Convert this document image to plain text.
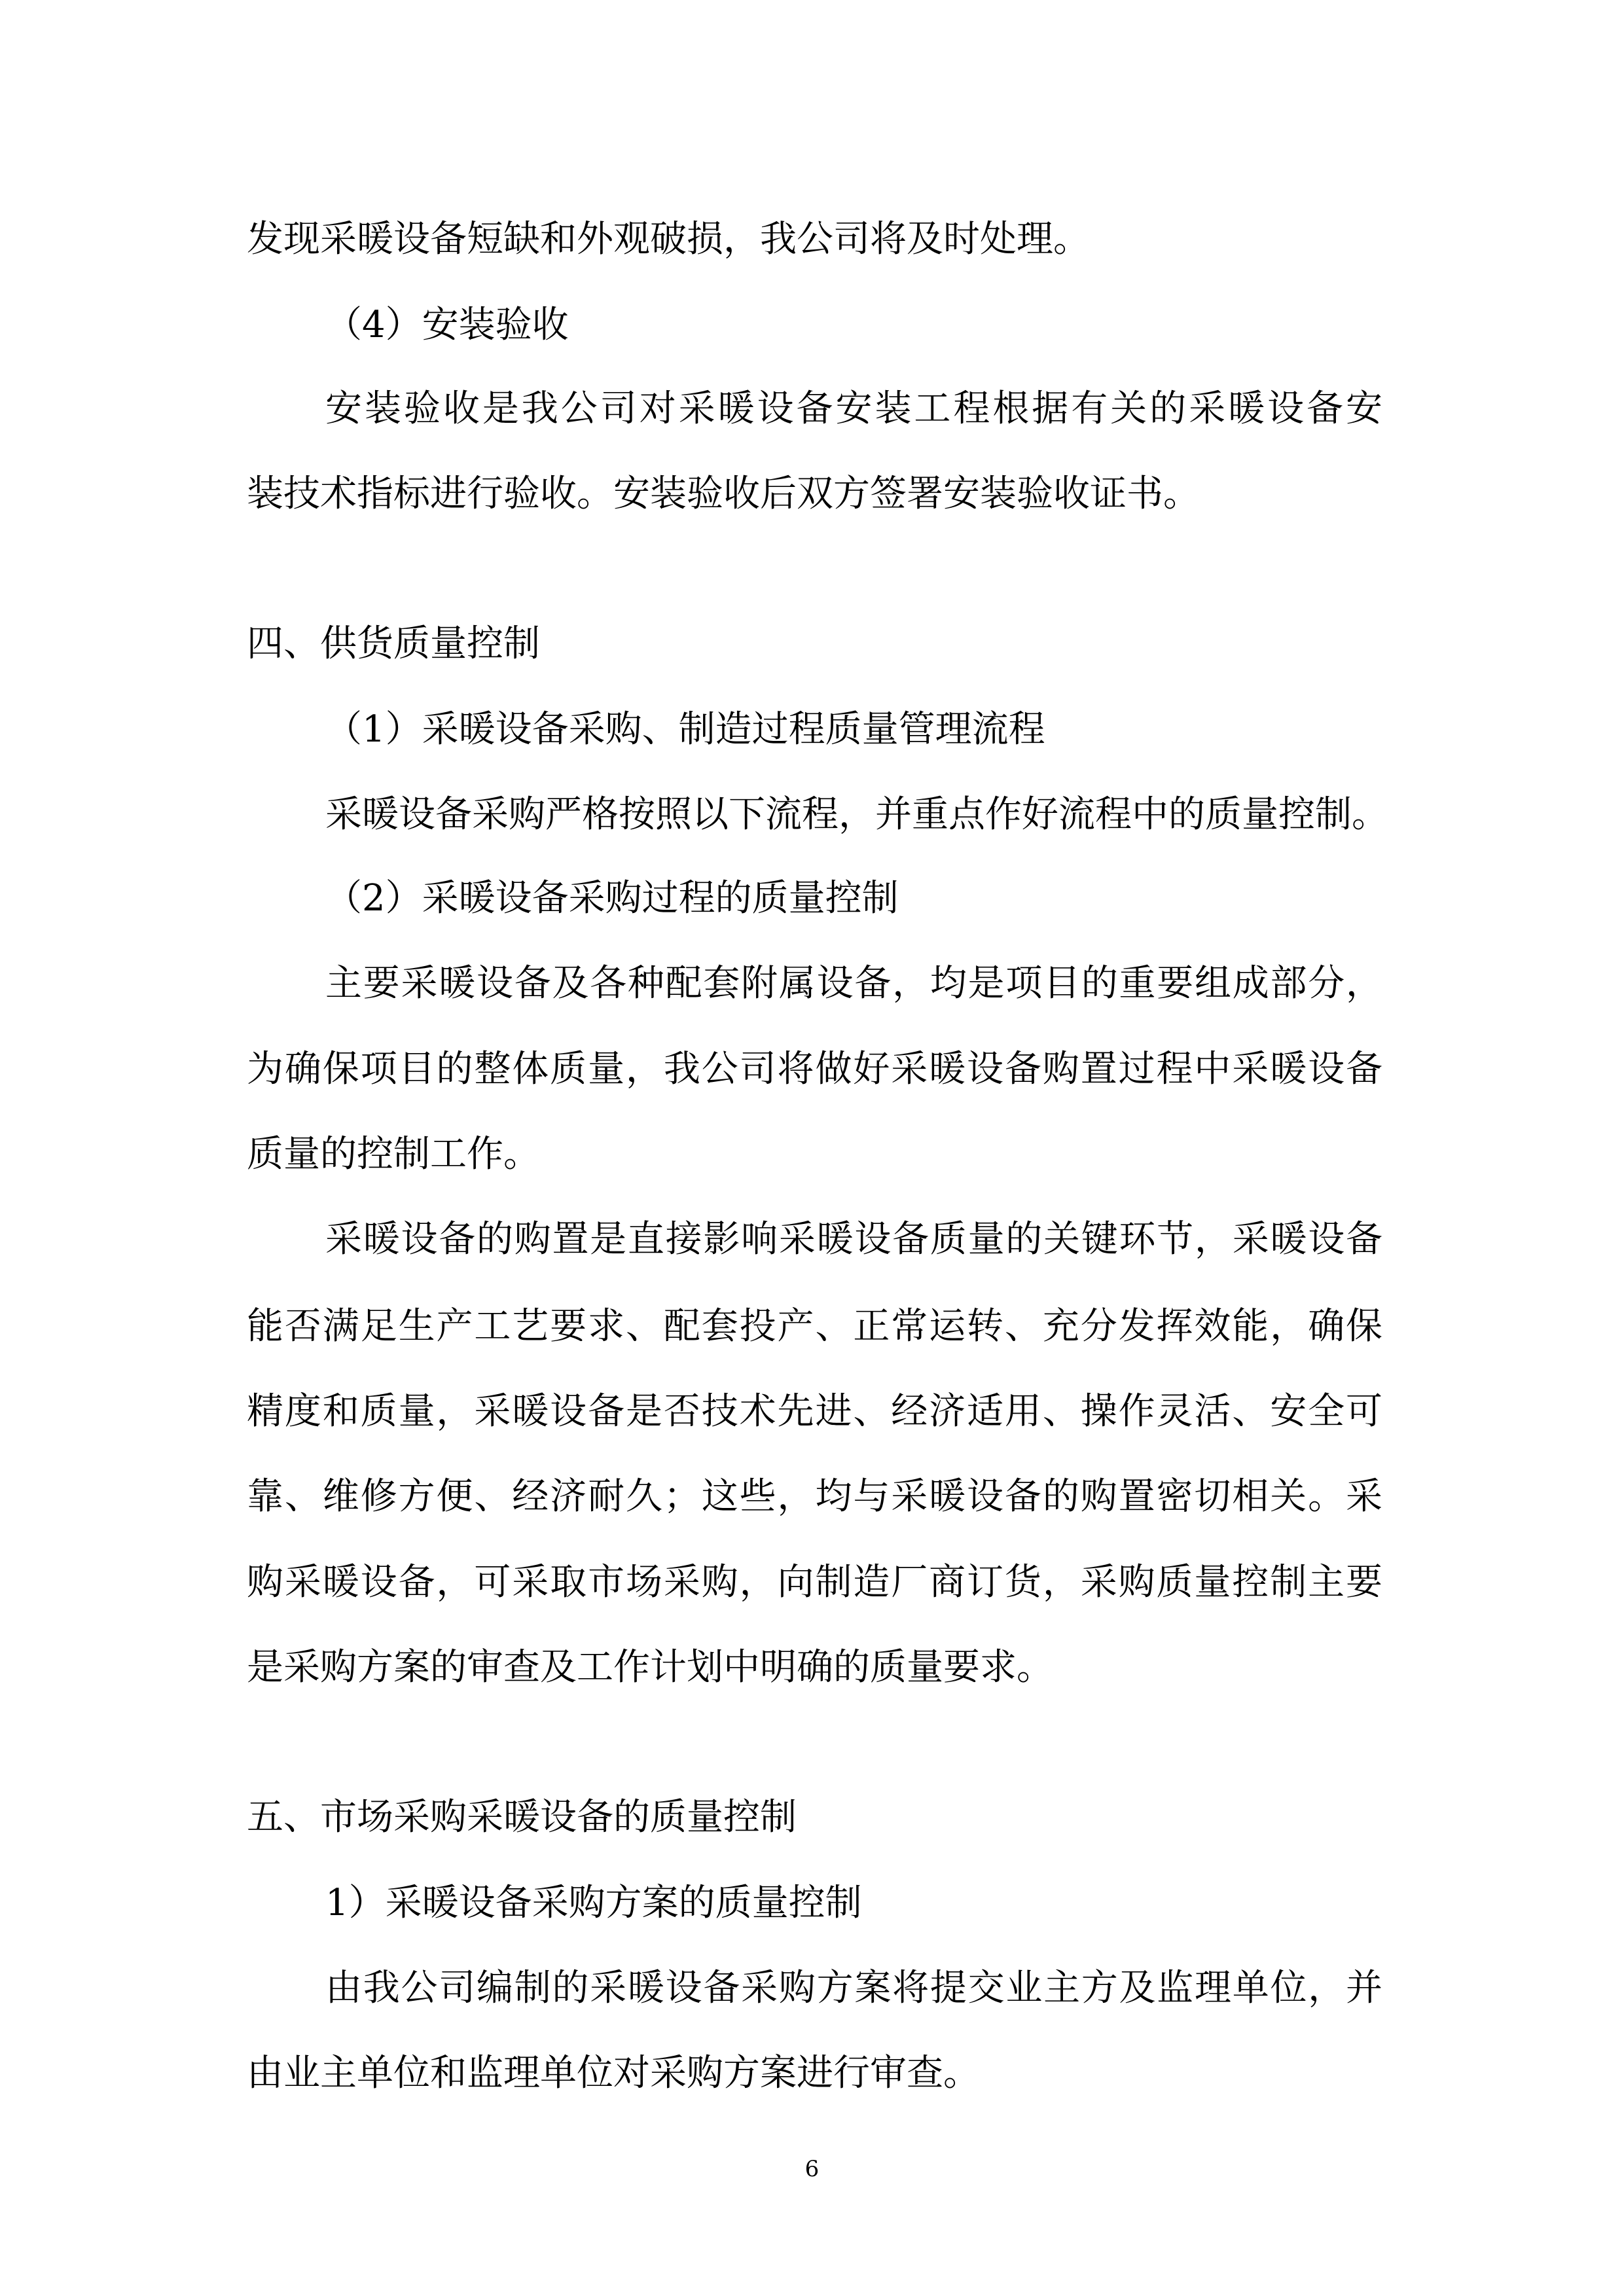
发现采暖设备短缺和外观破损，我公司将及时处理。
（4）安装验收
安装验收是我公司对采暖设备安装工程根据有关的采暖设备安
装技术指标进行验收。安装验收后双方签署安装验收证书。
四、供货质量控制
（1）采暖设备采购、制造过程质量管理流程
采暖设备采购严格按照以下流程，并重点作好流程中的质量控制。
（2）采暖设备采购过程的质量控制
主要采暖设备及各种配套附属设备，均是项目的重要组成部分，
为确保项目的整体质量，我公司将做好采暖设备购置过程中采暖设备
质量的控制工作。
采暖设备的购置是直接影响采暖设备质量的关键环节，采暖设备
能否满足生产工艺要求、配套投产、正常运转、充分发挥效能，确保
精度和质量，采暖设备是否技术先进、经济适用、操作灵活、安全可
靠、维修方便、经济耐久；这些，均与采暖设备的购置密切相关。采
购采暖设备，可采取市场采购，向制造厂商订货，采购质量控制主要
是采购方案的审查及工作计划中明确的质量要求。
五、市场采购采暖设备的质量控制
1）采暖设备采购方案的质量控制
由我公司编制的采暖设备采购方案将提交业主方及监理单位，并
由业主单位和监理单位对采购方案进行审查。
6
